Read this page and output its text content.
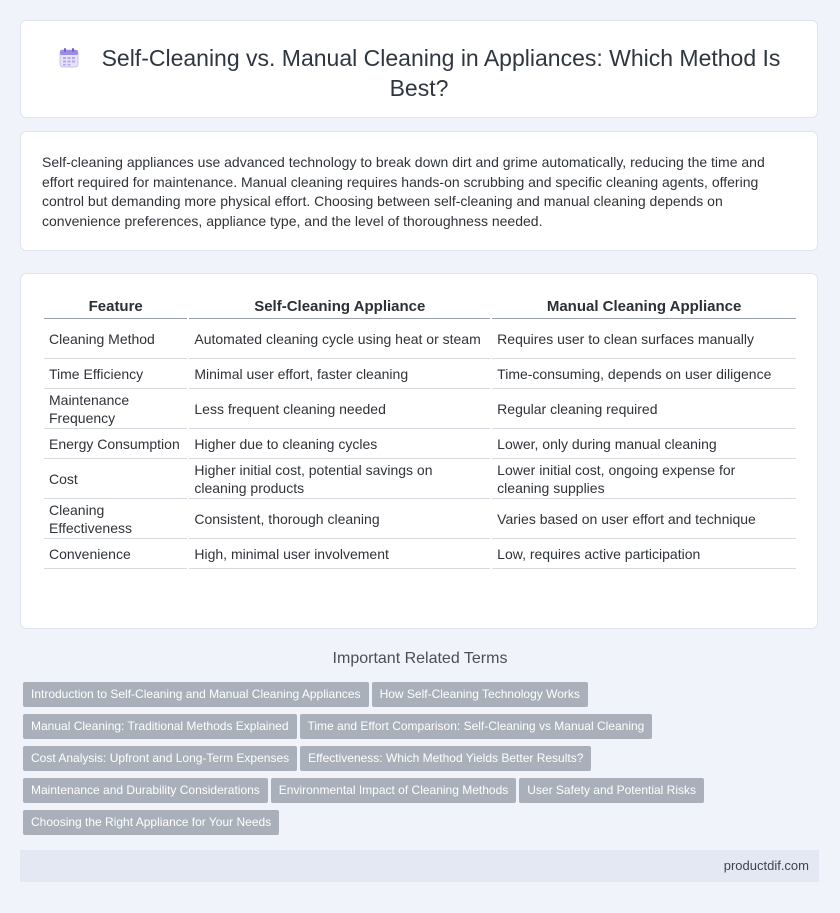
Self-Cleaning vs. Manual Cleaning in Appliances: Which Method Is Best?
Self-cleaning appliances use advanced technology to break down dirt and grime automatically, reducing the time and effort required for maintenance. Manual cleaning requires hands-on scrubbing and specific cleaning agents, offering control but demanding more physical effort. Choosing between self-cleaning and manual cleaning depends on convenience preferences, appliance type, and the level of thoroughness needed.
Feature	Self-Cleaning Appliance	Manual Cleaning Appliance
Cleaning Method	Automated cleaning cycle using heat or steam	Requires user to clean surfaces manually
Time Efficiency	Minimal user effort, faster cleaning	Time-consuming, depends on user diligence
Maintenance Frequency	Less frequent cleaning needed	Regular cleaning required
Energy Consumption	Higher due to cleaning cycles	Lower, only during manual cleaning
Cost	Higher initial cost, potential savings on cleaning products	Lower initial cost, ongoing expense for cleaning supplies
Cleaning Effectiveness	Consistent, thorough cleaning	Varies based on user effort and technique
Convenience	High, minimal user involvement	Low, requires active participation
Important Related Terms
Introduction to Self-Cleaning and Manual Cleaning Appliances How Self-Cleaning Technology Works
Manual Cleaning: Traditional Methods Explained Time and Effort Comparison: Self-Cleaning vs Manual Cleaning
Cost Analysis: Upfront and Long-Term Expenses Effectiveness: Which Method Yields Better Results?
Maintenance and Durability Considerations Environmental Impact of Cleaning Methods User Safety and Potential Risks
Choosing the Right Appliance for Your Needs
productdif.com
